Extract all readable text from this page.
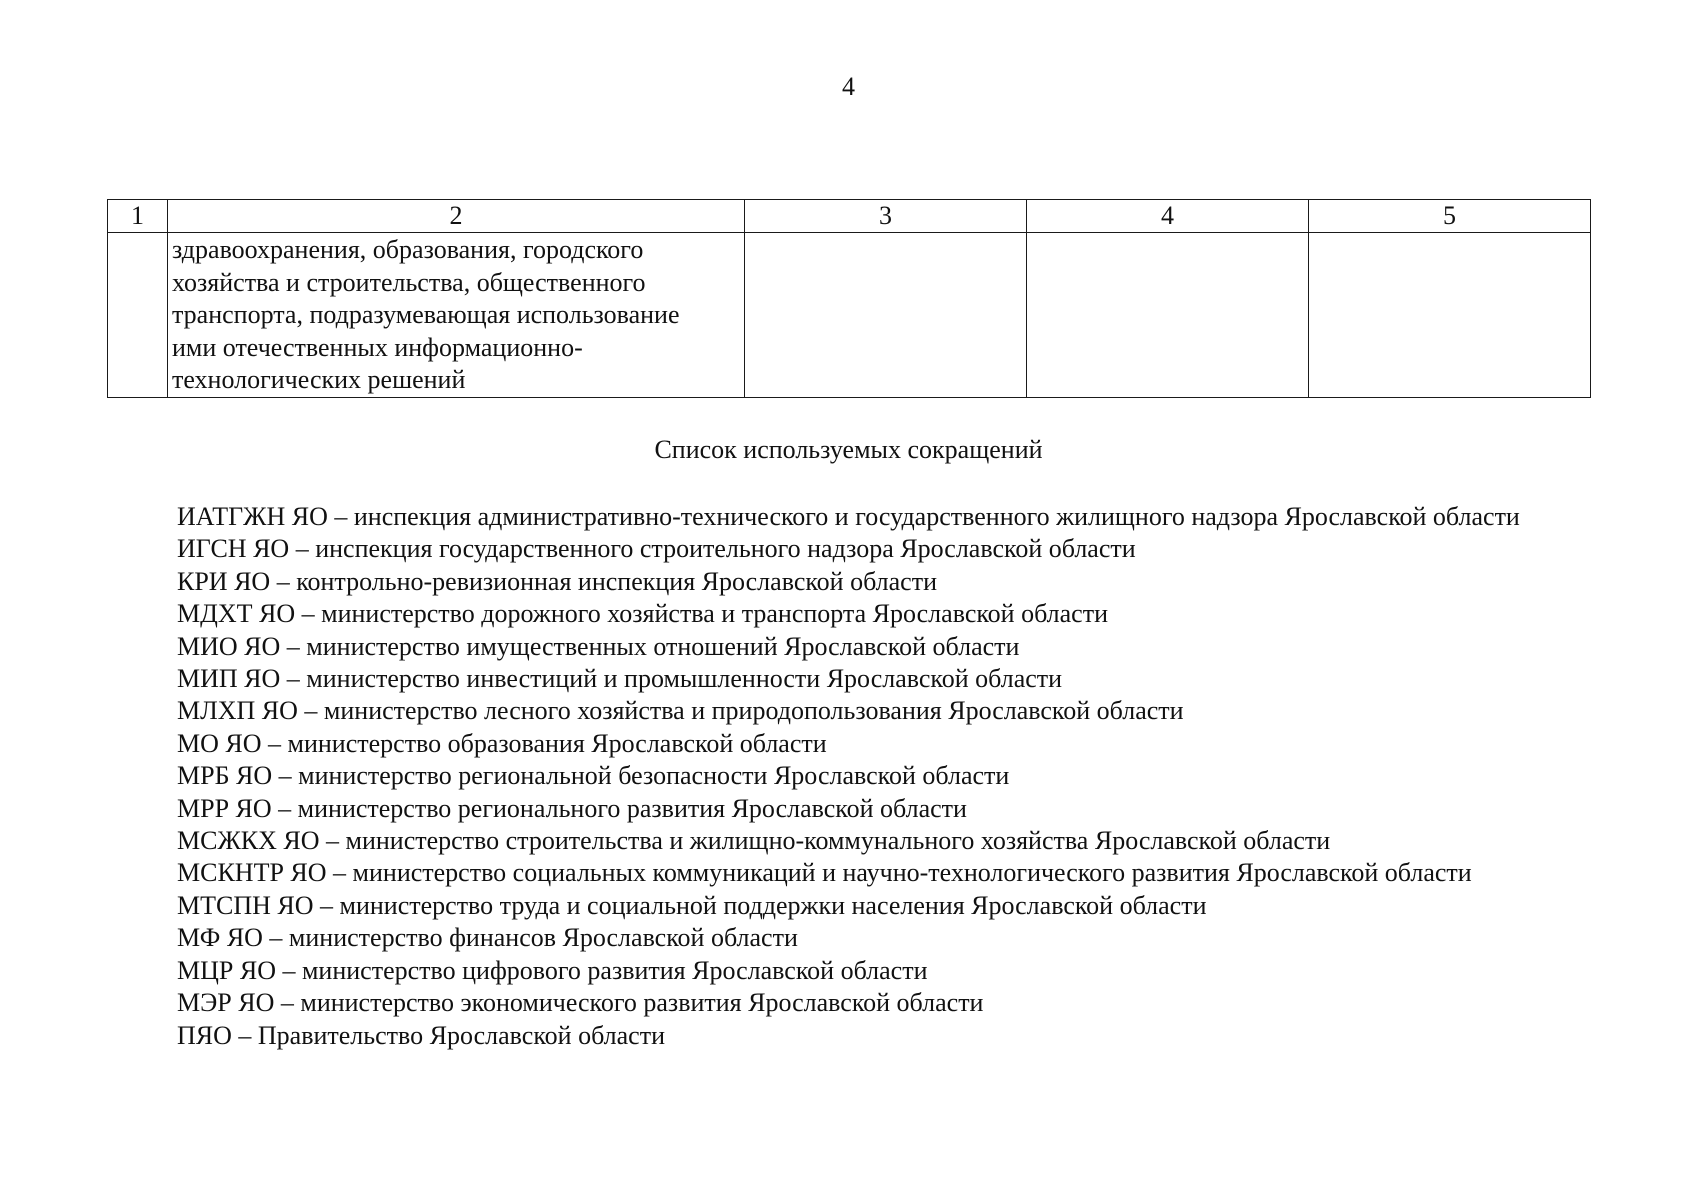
4
1	2	3	4	5

	здравоохранения, образования, городского
хозяйства и строительства, общественного
транспорта, подразумевающая использование
ими отечественных информационно-
технологических решений			

Список используемых сокращений

ИАТГЖН ЯО – инспекция административно-технического и государственного жилищного надзора Ярославской области

ИГСН ЯО – инспекция государственного строительного надзора Ярославской области

КРИ ЯО – контрольно-ревизионная инспекция Ярославской области

МДХТ ЯО – министерство дорожного хозяйства и транспорта Ярославской области

МИО ЯО – министерство имущественных отношений Ярославской области

МИП ЯО – министерство инвестиций и промышленности Ярославской области

МЛХП ЯО – министерство лесного хозяйства и природопользования Ярославской области

МО ЯО – министерство образования Ярославской области

МРБ ЯО – министерство региональной безопасности Ярославской области

МРР ЯО – министерство регионального развития Ярославской области

МСЖКХ ЯО – министерство строительства и жилищно-коммунального хозяйства Ярославской области

МСКНТР ЯО – министерство социальных коммуникаций и научно-технологического развития Ярославской области

МТСПН ЯО – министерство труда и социальной поддержки населения Ярославской области

МФ ЯО – министерство финансов Ярославской области

МЦР ЯО – министерство цифрового развития Ярославской области

МЭР ЯО – министерство экономического развития Ярославской области

ПЯО – Правительство Ярославской области
